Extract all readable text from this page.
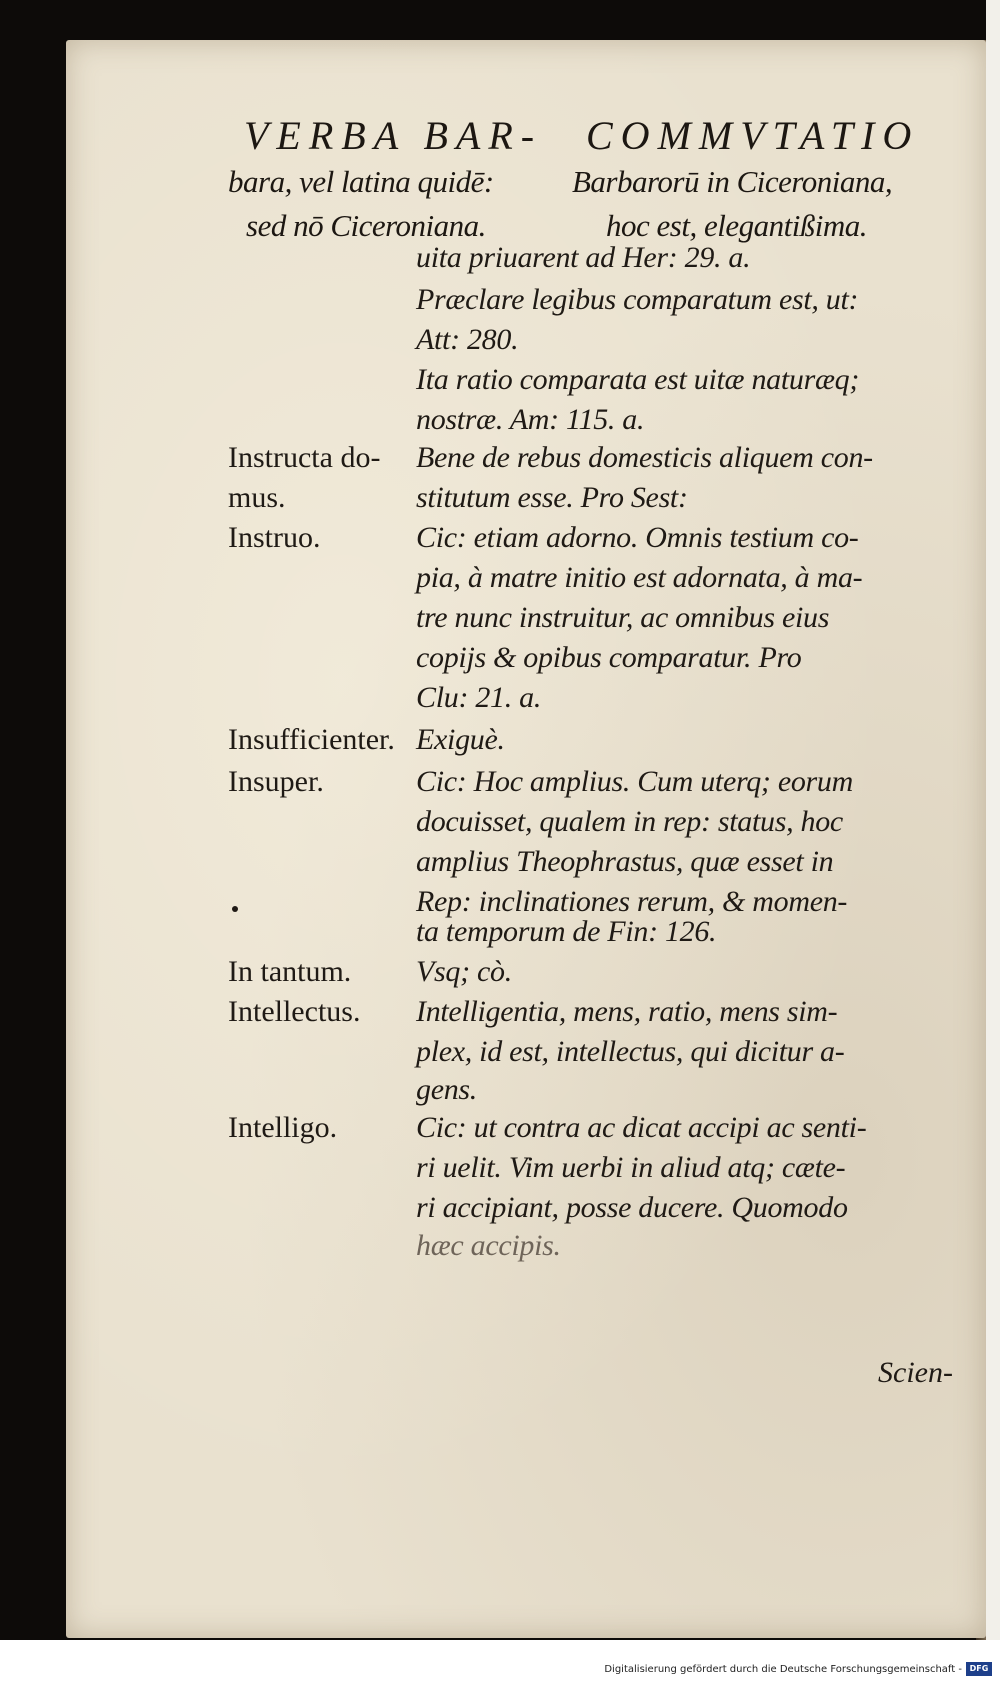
VERBA BAR-
bara, vel latina quidē:
sed nō Ciceroniana.
COMMVTATIO
Barbarorū in Ciceroniana,
hoc est, elegantißima.
Instructa do-
mus.
Instruo.
Insufficienter.
Insuper.
In tantum.
Intellectus.
Intelligo.
uita priuarent ad Her: 29. a.
Præclare legibus comparatum est, ut:
Att: 280.
Ita ratio comparata est uitæ naturæq;
nostræ. Am: 115. a.
Bene de rebus domesticis aliquem con-
stitutum esse. Pro Sest:
Cic: etiam adorno. Omnis testium co-
pia, à matre initio est adornata, à ma-
tre nunc instruitur, ac omnibus eius
copijs & opibus comparatur. Pro
Clu: 21. a.
Exiguè.
Cic: Hoc amplius. Cum uterq; eorum
docuisset, qualem in rep: status, hoc
amplius Theophrastus, quæ esset in
Rep: inclinationes rerum, & momen-
ta temporum de Fin: 126.
Vsq; cò.
Intelligentia, mens, ratio, mens sim-
plex, id est, intellectus, qui dicitur a-
gens.
Cic: ut contra ac dicat accipi ac senti-
ri uelit. Vim uerbi in aliud atq; cæte-
ri accipiant, posse ducere. Quomodo
hæc accipis.
Scien-
Digitalisierung gefördert durch die Deutsche Forschungsgemeinschaft - DFG
